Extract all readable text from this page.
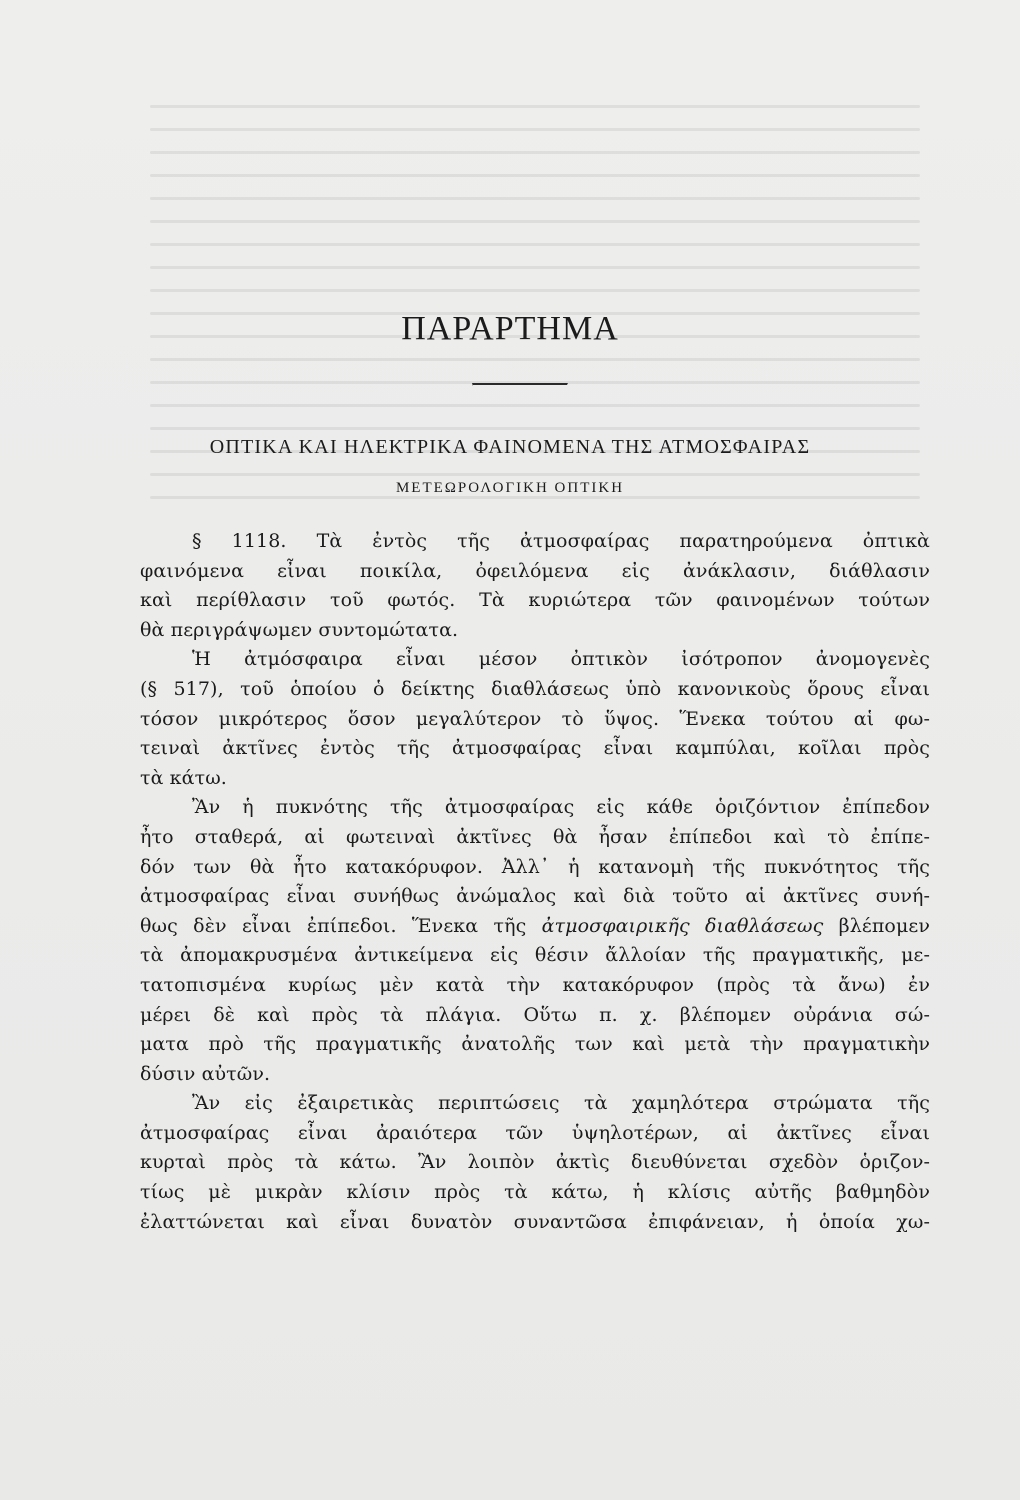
ΠΑΡΑΡΤΗΜΑ
ΟΠΤΙΚΑ ΚΑΙ ΗΛΕΚΤΡΙΚΑ ΦΑΙΝΟΜΕΝΑ ΤΗΣ ΑΤΜΟΣΦΑΙΡΑΣ
ΜΕΤΕΩΡΟΛΟΓΙΚΗ ΟΠΤΙΚΗ
§ 1118. Τὰ ἐντὸς τῆς ἀτμοσφαίρας παρατηρούμενα ὀπτικὰ
φαινόμενα εἶναι ποικίλα, ὀφειλόμενα εἰς ἀνάκλασιν, διάθλασιν
καὶ περίθλασιν τοῦ φωτός. Τὰ κυριώτερα τῶν φαινομένων τούτων
θὰ περιγράψωμεν συντομώτατα.
Ἡ ἀτμόσφαιρα εἶναι μέσον ὀπτικὸν ἰσότροπον ἀνομογενὲς
(§ 517), τοῦ ὁποίου ὁ δείκτης διαθλάσεως ὑπὸ κανονικοὺς ὅρους εἶναι
τόσον μικρότερος ὅσον μεγαλύτερον τὸ ὕψος. Ἕνεκα τούτου αἱ φω-
τειναὶ ἀκτῖνες ἐντὸς τῆς ἀτμοσφαίρας εἶναι καμπύλαι, κοῖλαι πρὸς
τὰ κάτω.
Ἂν ἡ πυκνότης τῆς ἀτμοσφαίρας εἰς κάθε ὁριζόντιον ἐπίπεδον
ἦτο σταθερά, αἱ φωτειναὶ ἀκτῖνες θὰ ἦσαν ἐπίπεδοι καὶ τὸ ἐπίπε-
δόν των θὰ ἦτο κατακόρυφον. Ἀλλ᾽ ἡ κατανομὴ τῆς πυκνότητος τῆς
ἀτμοσφαίρας εἶναι συνήθως ἀνώμαλος καὶ διὰ τοῦτο αἱ ἀκτῖνες συνή-
θως δὲν εἶναι ἐπίπεδοι. Ἕνεκα τῆς ἀτμοσφαιρικῆς διαθλάσεως βλέπομεν
τὰ ἀπομακρυσμένα ἀντικείμενα εἰς θέσιν ἄλλοίαν τῆς πραγματικῆς, με-
τατοπισμένα κυρίως μὲν κατὰ τὴν κατακόρυφον (πρὸς τὰ ἄνω) ἐν
μέρει δὲ καὶ πρὸς τὰ πλάγια. Οὕτω π. χ. βλέπομεν οὐράνια σώ-
ματα πρὸ τῆς πραγματικῆς ἀνατολῆς των καὶ μετὰ τὴν πραγματικὴν
δύσιν αὐτῶν.
Ἂν εἰς ἐξαιρετικὰς περιπτώσεις τὰ χαμηλότερα στρώματα τῆς
ἀτμοσφαίρας εἶναι ἀραιότερα τῶν ὑψηλοτέρων, αἱ ἀκτῖνες εἶναι
κυρταὶ πρὸς τὰ κάτω. Ἂν λοιπὸν ἀκτὶς διευθύνεται σχεδὸν ὁριζον-
τίως μὲ μικρὰν κλίσιν πρὸς τὰ κάτω, ἡ κλίσις αὐτῆς βαθμηδὸν
ἐλαττώνεται καὶ εἶναι δυνατὸν συναντῶσα ἐπιφάνειαν, ἡ ὁποία χω-
